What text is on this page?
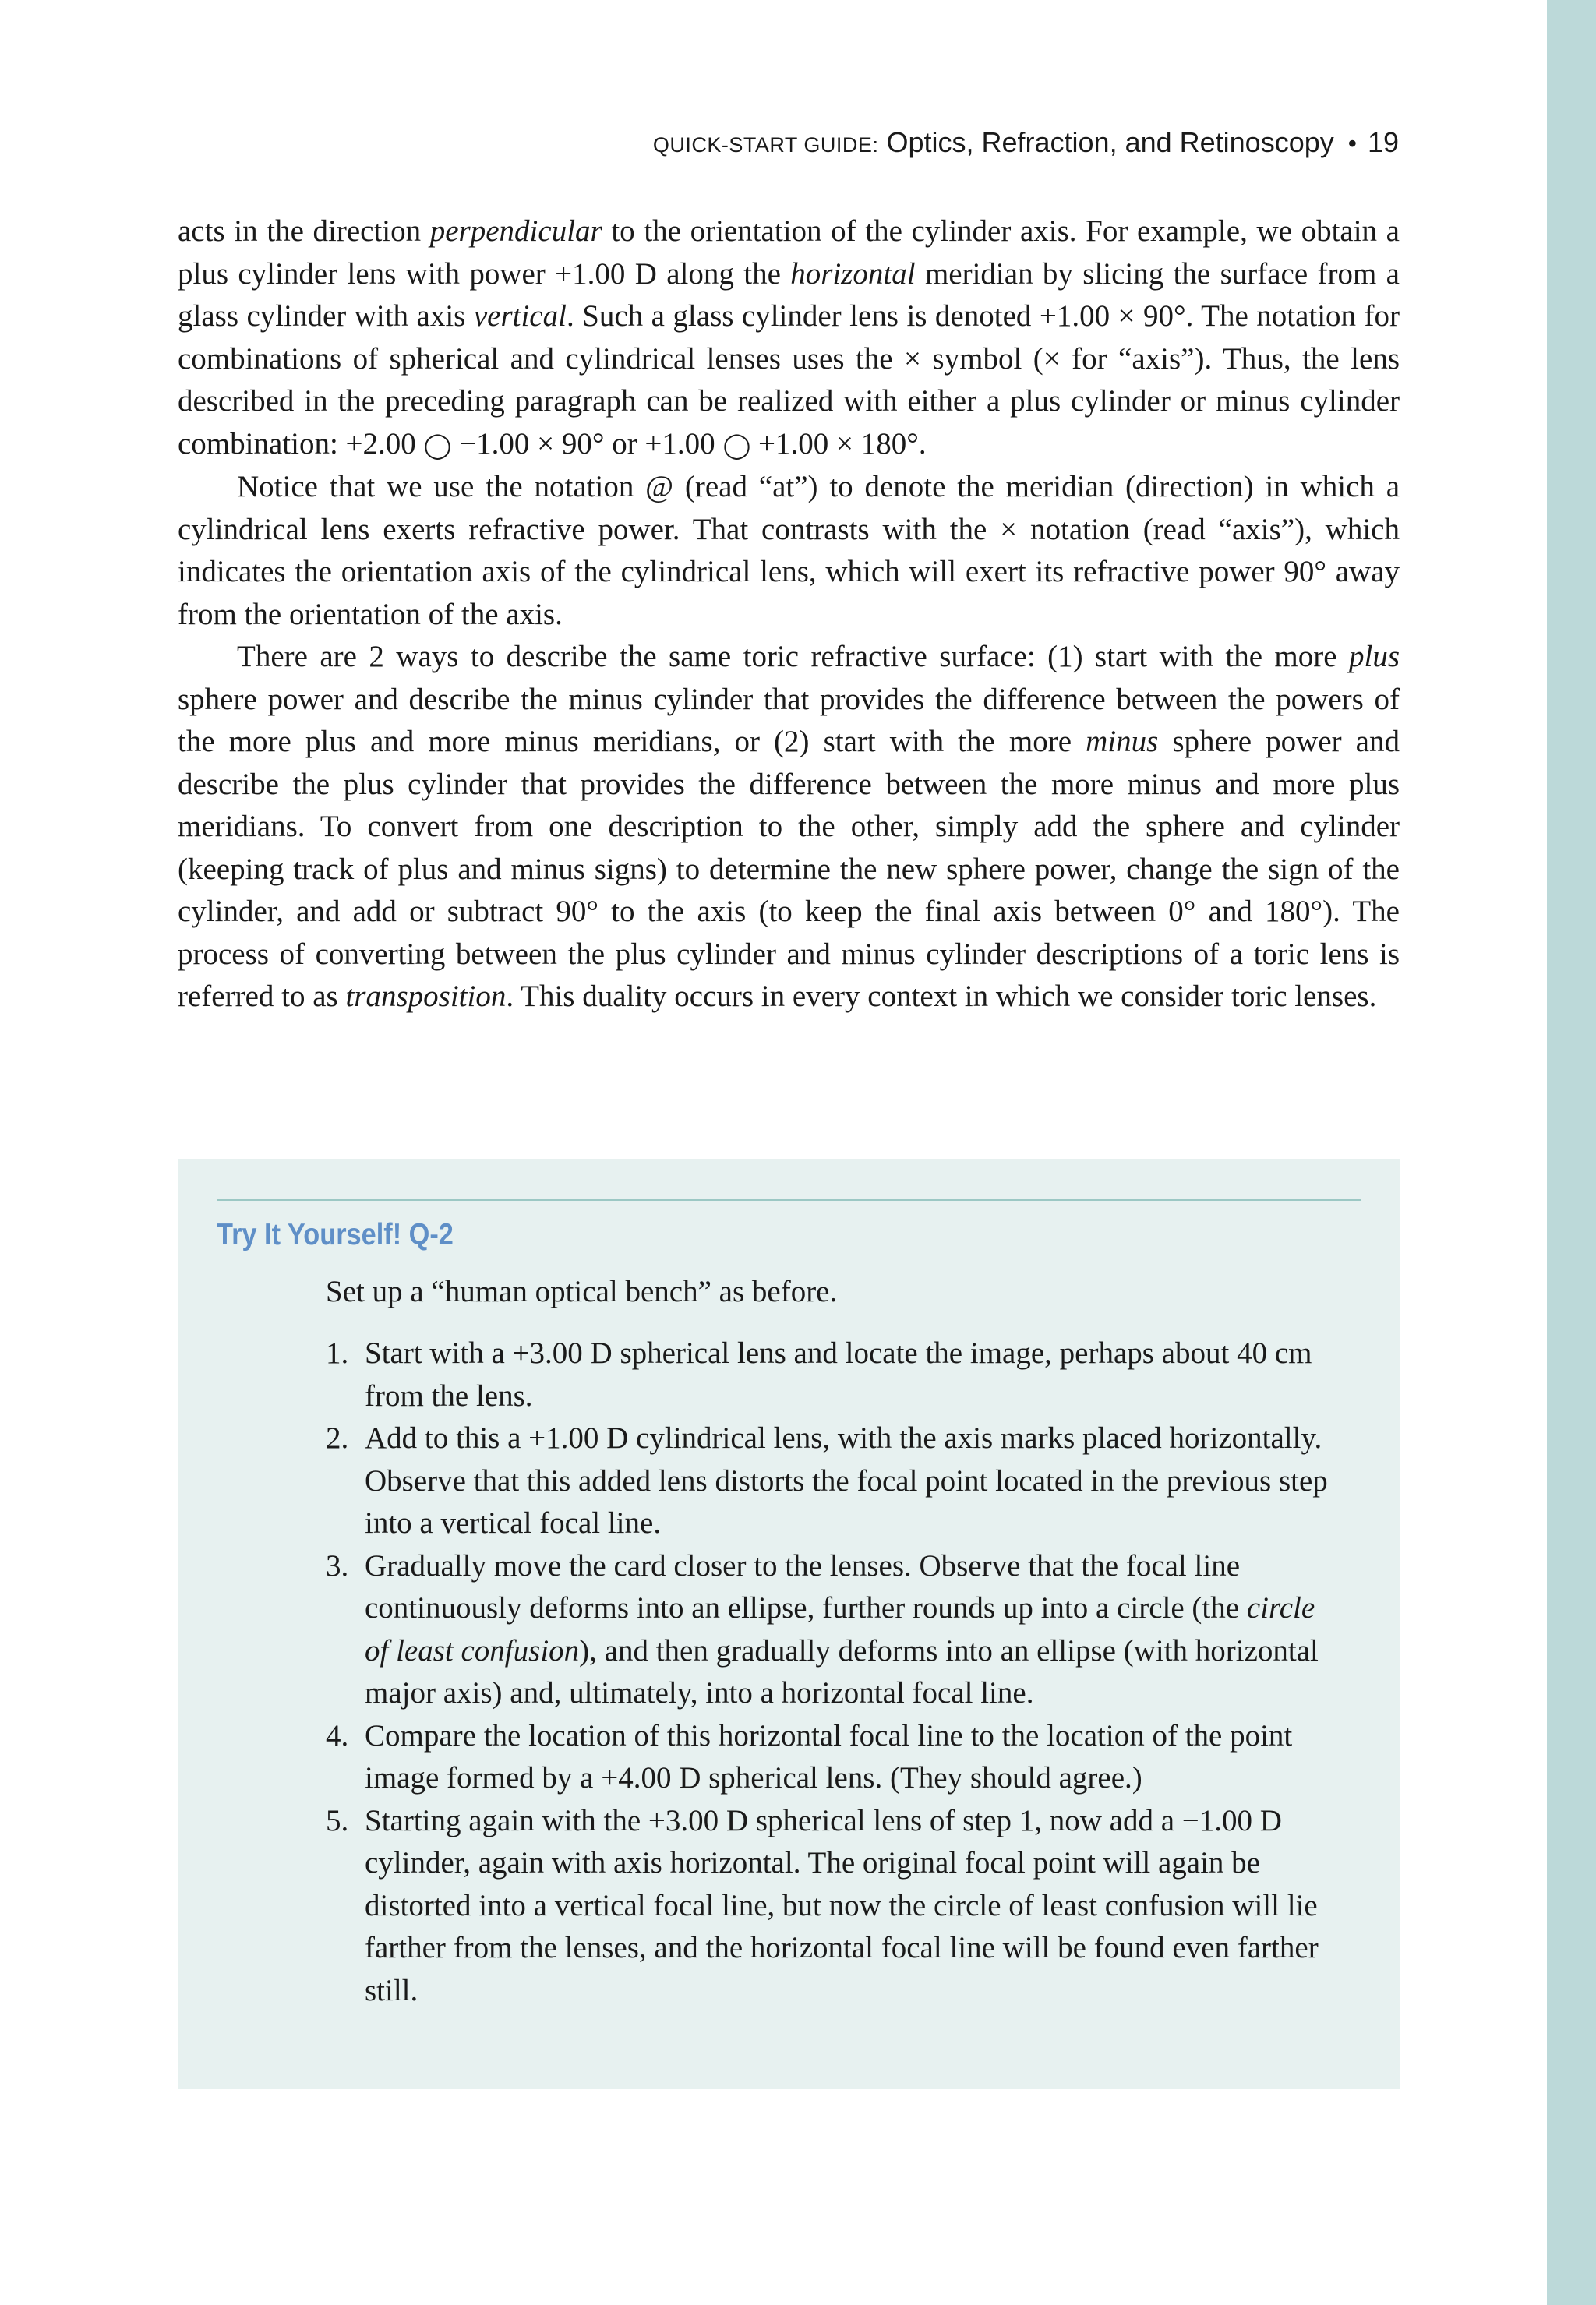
QUICK-START GUIDE: Optics, Refraction, and Retinoscopy • 19

acts in the direction perpendicular to the orientation of the cylinder axis. For example, we obtain a plus cylinder lens with power +1.00 D along the horizontal meridian by slicing the surface from a glass cylinder with axis vertical. Such a glass cylinder lens is denoted +1.00 × 90°. The notation for combinations of spherical and cylindrical lenses uses the × symbol (× for “axis”). Thus, the lens described in the preceding paragraph can be realized with either a plus cylinder or minus cylinder combination: +2.00 ◯ −1.00 × 90° or +1.00 ◯ +1.00 × 180°.

Notice that we use the notation @ (read “at”) to denote the meridian (direction) in which a cylindrical lens exerts refractive power. That contrasts with the × notation (read “axis”), which indicates the orientation axis of the cylindrical lens, which will exert its refractive power 90° away from the orientation of the axis.

There are 2 ways to describe the same toric refractive surface: (1) start with the more plus sphere power and describe the minus cylinder that provides the difference between the powers of the more plus and more minus meridians, or (2) start with the more minus sphere power and describe the plus cylinder that provides the difference between the more minus and more plus meridians. To convert from one description to the other, simply add the sphere and cylinder (keeping track of plus and minus signs) to determine the new sphere power, change the sign of the cylinder, and add or subtract 90° to the axis (to keep the final axis between 0° and 180°). The process of converting between the plus cylinder and minus cylinder descriptions of a toric lens is referred to as transposition. This duality occurs in every context in which we consider toric lenses.

Try It Yourself! Q-2
Set up a “human optical bench” as before.
1. Start with a +3.00 D spherical lens and locate the image, perhaps about 40 cm from the lens.
2. Add to this a +1.00 D cylindrical lens, with the axis marks placed horizontally. Observe that this added lens distorts the focal point located in the previous step into a vertical focal line.
3. Gradually move the card closer to the lenses. Observe that the focal line continuously deforms into an ellipse, further rounds up into a circle (the circle of least confusion), and then gradually deforms into an ellipse (with horizontal major axis) and, ultimately, into a horizontal focal line.
4. Compare the location of this horizontal focal line to the location of the point image formed by a +4.00 D spherical lens. (They should agree.)
5. Starting again with the +3.00 D spherical lens of step 1, now add a −1.00 D cylinder, again with axis horizontal. The original focal point will again be distorted into a vertical focal line, but now the circle of least confusion will lie farther from the lenses, and the horizontal focal line will be found even farther still.
